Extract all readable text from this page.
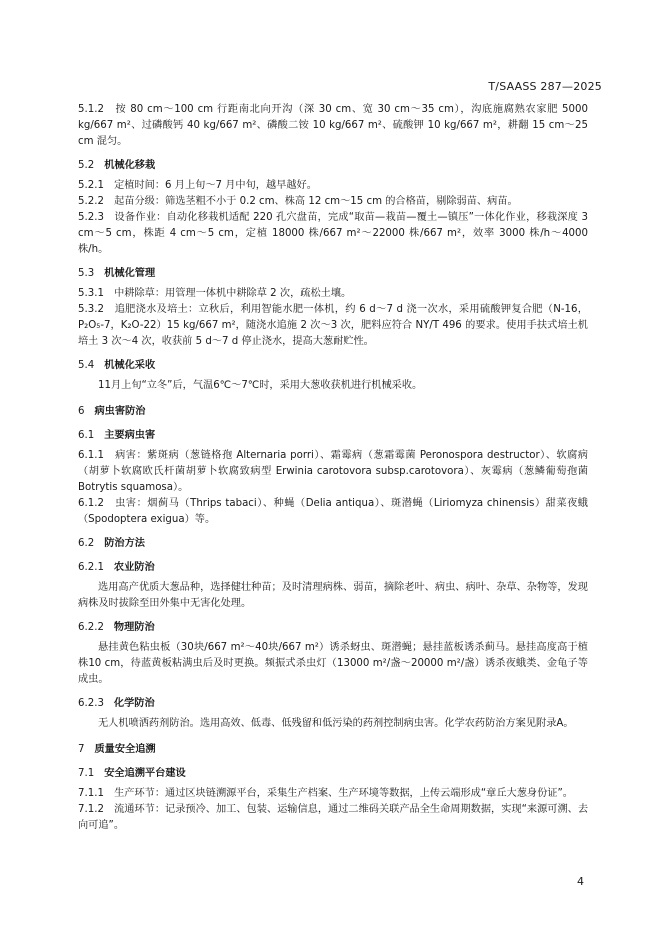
T/SAASS 287—2025

5.1.2　按 80 cm～100 cm 行距南北向开沟（深 30 cm、宽 30 cm～35 cm），沟底施腐熟农家肥 5000 kg/667 m²、过磷酸钙 40 kg/667 m²、磷酸二铵 10 kg/667 m²、硫酸钾 10 kg/667 m²，耕翻 15 cm～25 cm 混匀。

5.2 机械化移栽

5.2.1　定植时间：6 月上旬～7 月中旬，越早越好。

5.2.2　起苗分级：筛选茎粗不小于 0.2 cm、株高 12 cm～15 cm 的合格苗，剔除弱苗、病苗。

5.2.3　设备作业：自动化移栽机适配 220 孔穴盘苗，完成“取苗—栽苗—覆土—镇压”一体化作业，移栽深度 3 cm～5 cm，株距 4 cm～5 cm，定植 18000 株/667 m²～22000 株/667 m²，效率 3000 株/h～4000 株/h。

5.3 机械化管理

5.3.1　中耕除草：用管理一体机中耕除草 2 次，疏松土壤。

5.3.2　追肥浇水及培土：立秋后，利用智能水肥一体机，约 6 d～7 d 浇一次水，采用硫酸钾复合肥（N-16，P₂O₅-7，K₂O-22）15 kg/667 m²，随浇水追施 2 次～3 次，肥料应符合 NY/T 496 的要求。使用手扶式培土机培土 3 次～4 次，收获前 5 d～7 d 停止浇水，提高大葱耐贮性。

5.4 机械化采收

11月上旬“立冬”后，气温6℃～7℃时，采用大葱收获机进行机械采收。

6 病虫害防治
6.1 主要病虫害

6.1.1　病害：紫斑病（葱链格孢 Alternaria porri）、霜霉病（葱霜霉菌 Peronospora destructor）、软腐病（胡萝卜软腐欧氏杆菌胡萝卜软腐致病型 Erwinia carotovora subsp.carotovora）、灰霉病（葱鳞葡萄孢菌 Botrytis squamosa）。

6.1.2　虫害：烟蓟马（Thrips tabaci）、种蝇（Delia antiqua）、斑潜蝇（Liriomyza chinensis）甜菜夜蛾（Spodoptera exigua）等。

6.2 防治方法
6.2.1 农业防治

选用高产优质大葱品种，选择健壮种苗；及时清理病株、弱苗，摘除老叶、病虫、病叶、杂草、杂物等，发现病株及时拔除至田外集中无害化处理。

6.2.2 物理防治

悬挂黄色粘虫板（30块/667 m²～40块/667 m²）诱杀蚜虫、斑潜蝇；悬挂蓝板诱杀蓟马。悬挂高度高于植株10 cm，待蓝黄板粘满虫后及时更换。频振式杀虫灯（13000 m²/盏～20000 m²/盏）诱杀夜蛾类、金龟子等成虫。

6.2.3 化学防治

无人机喷洒药剂防治。选用高效、低毒、低残留和低污染的药剂控制病虫害。化学农药防治方案见附录A。

7 质量安全追溯
7.1 安全追溯平台建设

7.1.1　生产环节：通过区块链溯源平台，采集生产档案、生产环境等数据，上传云端形成“章丘大葱身份证”。

7.1.2　流通环节：记录预冷、加工、包装、运输信息，通过二维码关联产品全生命周期数据，实现“来源可溯、去向可追”。

4
